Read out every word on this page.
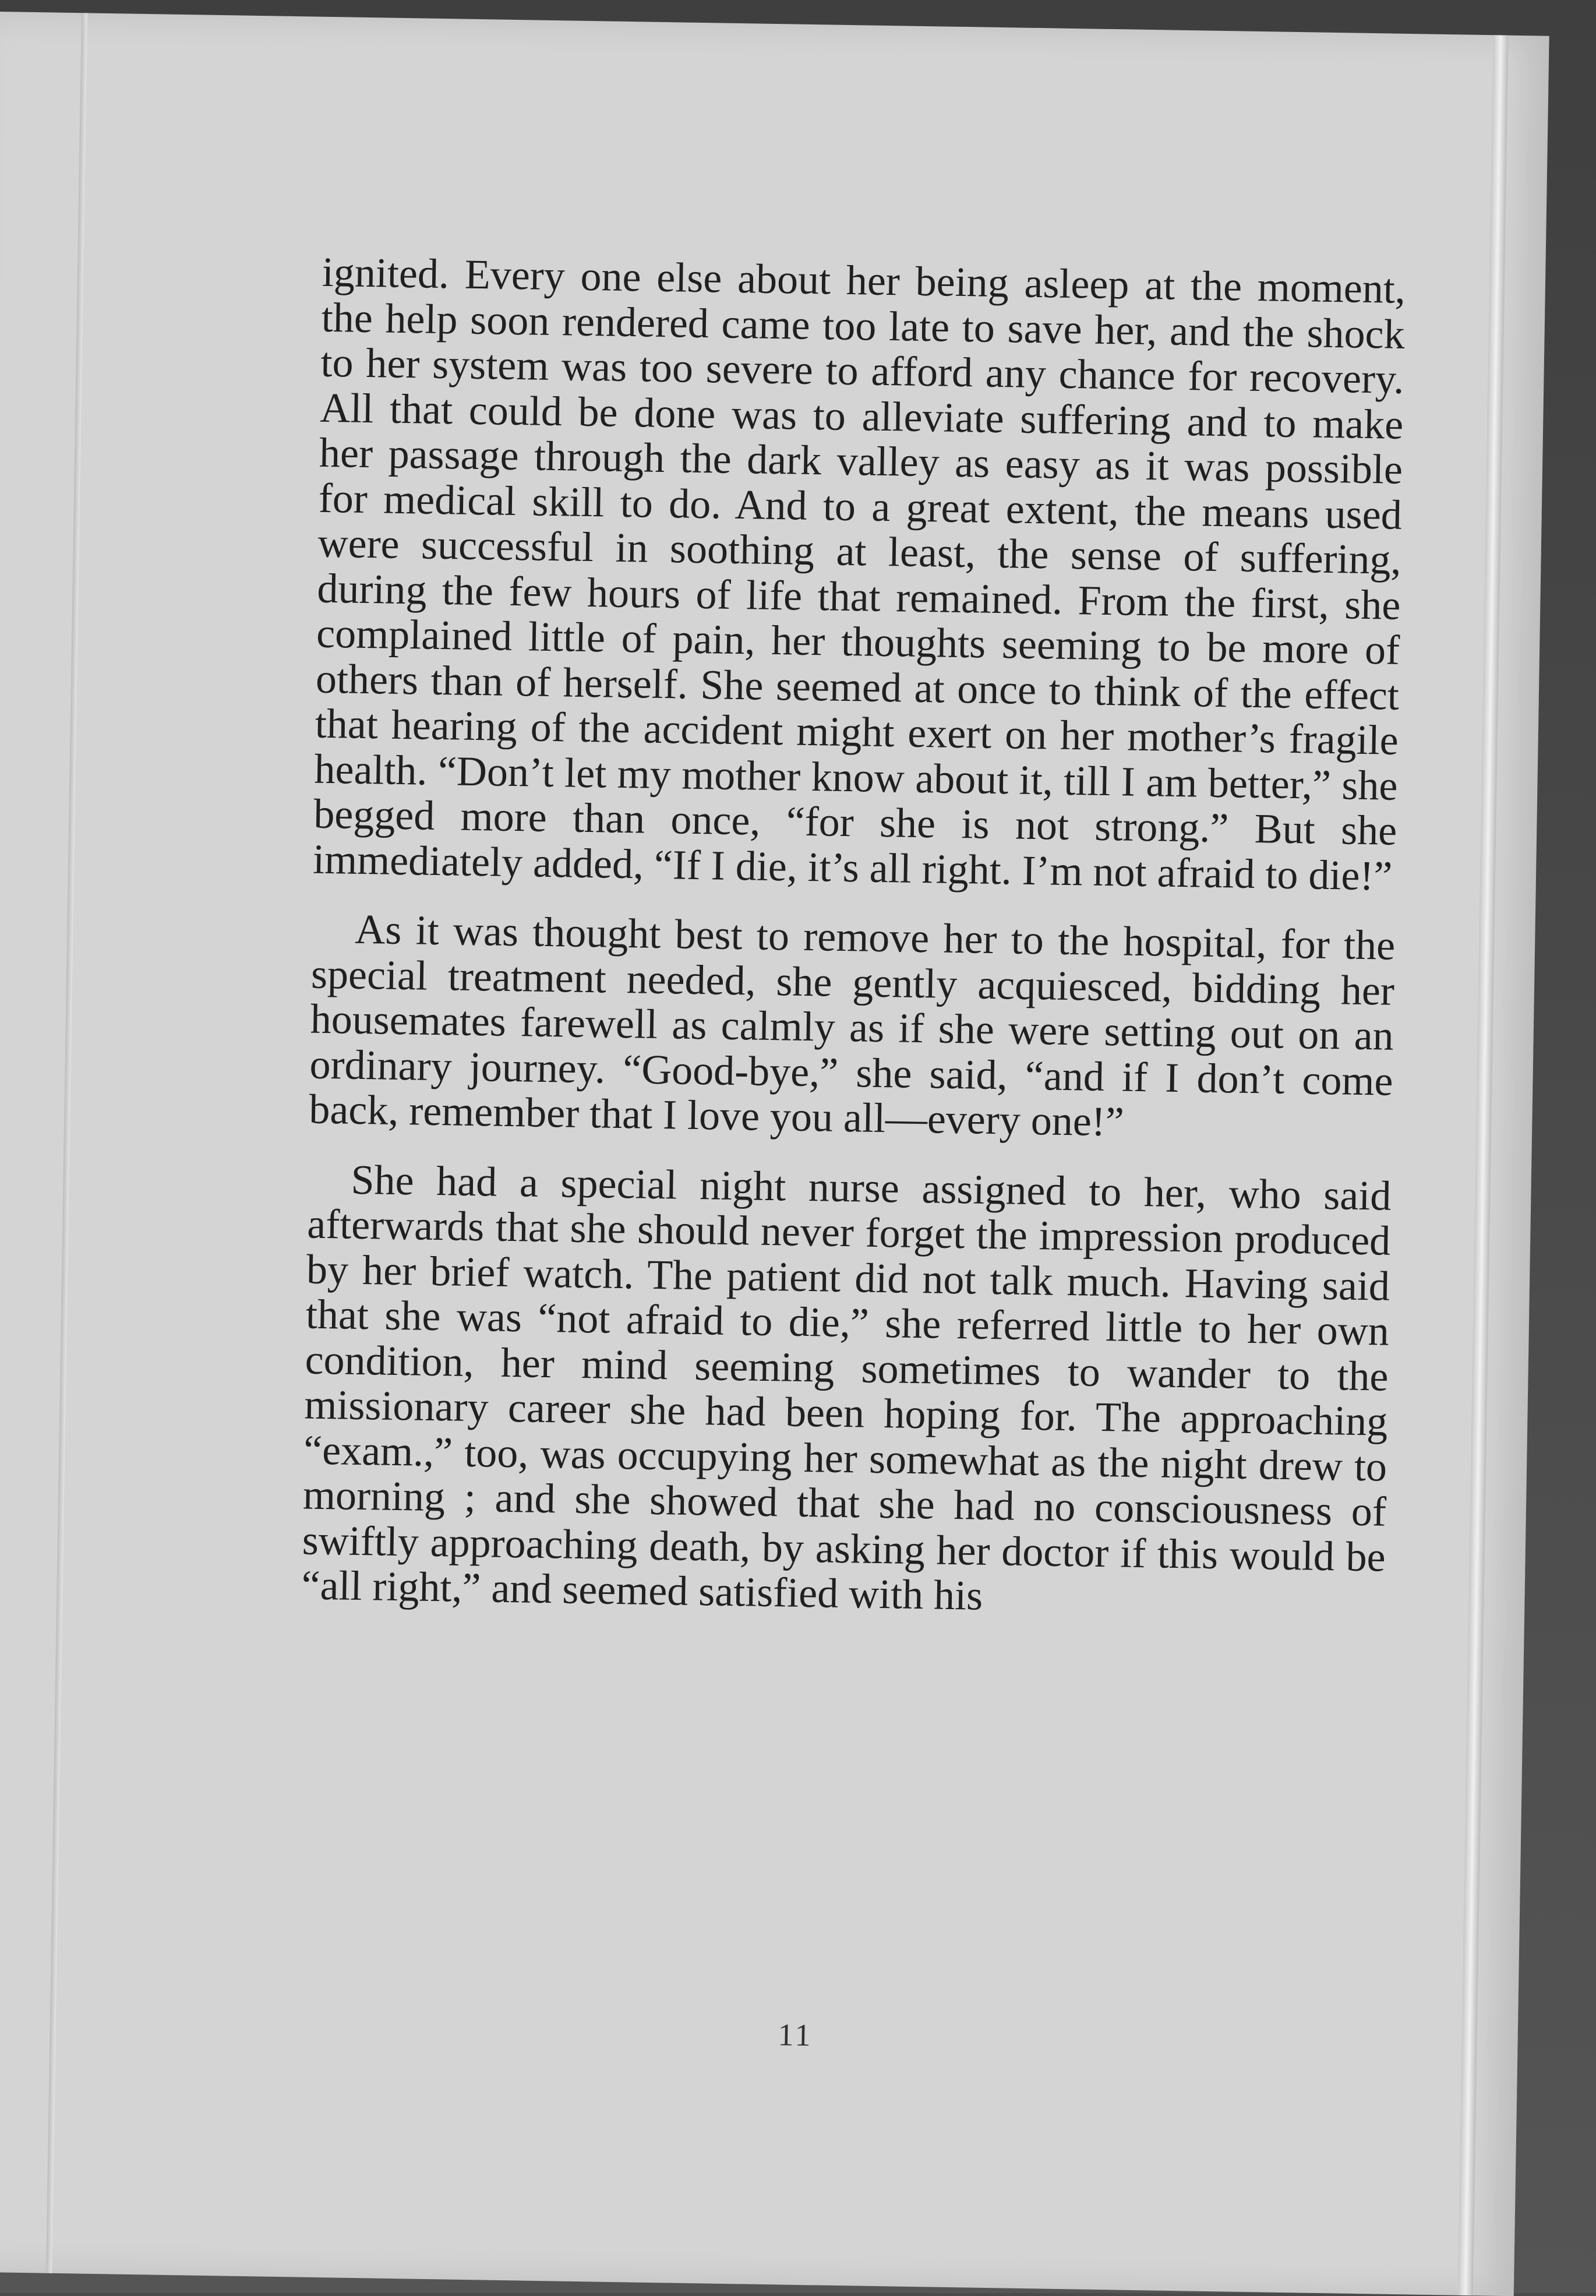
ignited. Every one else about her being asleep at the moment, the help soon rendered came too late to save her, and the shock to her system was too severe to afford any chance for recovery. All that could be done was to alleviate suffering and to make her passage through the dark valley as easy as it was possible for medical skill to do. And to a great extent, the means used were successful in soothing at least, the sense of suffering, during the few hours of life that remained. From the first, she complained little of pain, her thoughts seeming to be more of others than of herself. She seemed at once to think of the effect that hearing of the accident might exert on her mother’s fragile health. “Don’t let my mother know about it, till I am better,” she begged more than once, “for she is not strong.” But she immediately added, “If I die, it’s all right. I’m not afraid to die!”

As it was thought best to remove her to the hospital, for the special treatment needed, she gently acquiesced, bidding her housemates farewell as calmly as if she were setting out on an ordinary journey. “Good-bye,” she said, “and if I don’t come back, remember that I love you all—every one!”

She had a special night nurse assigned to her, who said afterwards that she should never forget the impression produced by her brief watch. The patient did not talk much. Having said that she was “not afraid to die,” she referred little to her own condition, her mind seeming sometimes to wander to the missionary career she had been hoping for. The approaching “exam.,” too, was occupying her somewhat as the night drew to morning ; and she showed that she had no consciousness of swiftly approaching death, by asking her doctor if this would be “all right,” and seemed satisfied with his

11
